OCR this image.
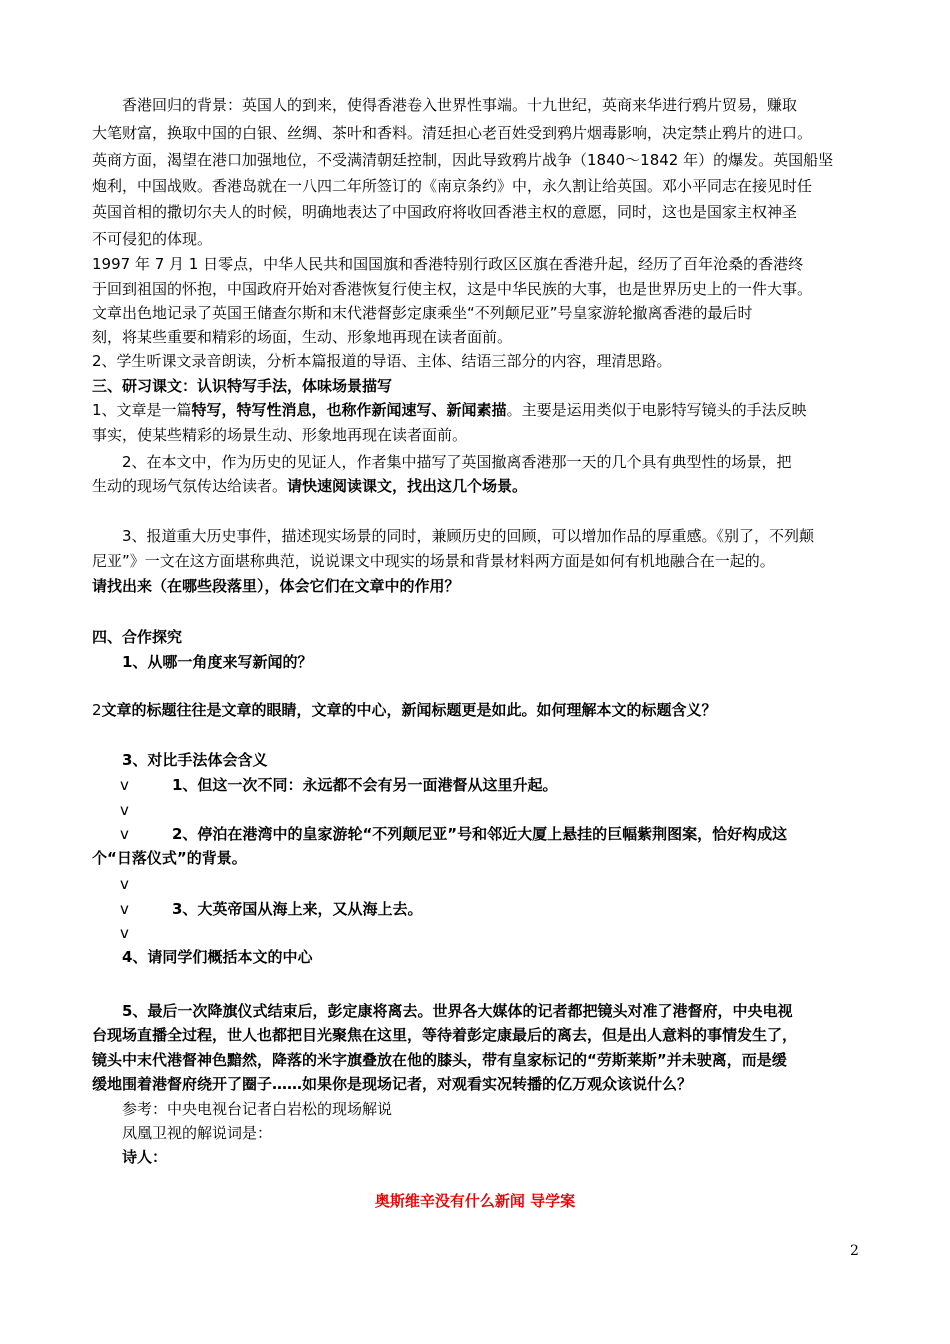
香港回归的背景：英国人的到来，使得香港卷入世界性事端。十九世纪，英商来华进行鸦片贸易，赚取
大笔财富，换取中国的白银、丝绸、茶叶和香料。清廷担心老百姓受到鸦片烟毒影响，决定禁止鸦片的进口。
英商方面，渴望在港口加强地位，不受满清朝廷控制，因此导致鸦片战争（1840～1842 年）的爆发。英国船坚
炮利，中国战败。香港岛就在一八四二年所签订的《南京条约》中，永久割让给英国。邓小平同志在接见时任
英国首相的撒切尔夫人的时候，明确地表达了中国政府将收回香港主权的意愿，同时，这也是国家主权神圣
不可侵犯的体现。
1997 年 7 月 1 日零点，中华人民共和国国旗和香港特别行政区区旗在香港升起，经历了百年沧桑的香港终
于回到祖国的怀抱，中国政府开始对香港恢复行使主权，这是中华民族的大事，也是世界历史上的一件大事。
文章出色地记录了英国王储查尔斯和末代港督彭定康乘坐“不列颠尼亚”号皇家游轮撤离香港的最后时
刻，将某些重要和精彩的场面，生动、形象地再现在读者面前。
2、学生听课文录音朗读，分析本篇报道的导语、主体、结语三部分的内容，理清思路。
三、研习课文：认识特写手法，体味场景描写
1、文章是一篇特写，特写性消息，也称作新闻速写、新闻素描。主要是运用类似于电影特写镜头的手法反映
事实，使某些精彩的场景生动、形象地再现在读者面前。
2、在本文中，作为历史的见证人，作者集中描写了英国撤离香港那一天的几个具有典型性的场景，把
生动的现场气氛传达给读者。请快速阅读课文，找出这几个场景。
3、报道重大历史事件，描述现实场景的同时，兼顾历史的回顾，可以增加作品的厚重感。《别了，不列颠
尼亚”》一文在这方面堪称典范，说说课文中现实的场景和背景材料两方面是如何有机地融合在一起的。
请找出来（在哪些段落里），体会它们在文章中的作用？
四、合作探究
1、从哪一角度来写新闻的？
2文章的标题往往是文章的眼睛，文章的中心，新闻标题更是如此。如何理解本文的标题含义？
3、对比手法体会含义
v	1、但这一次不同：永远都不会有另一面港督从这里升起。
v
v	2、停泊在港湾中的皇家游轮“不列颠尼亚”号和邻近大厦上悬挂的巨幅紫荆图案，恰好构成这
个“日落仪式”的背景。
v
v	3、大英帝国从海上来，又从海上去。
v
4、请同学们概括本文的中心
5、最后一次降旗仪式结束后，彭定康将离去。世界各大媒体的记者都把镜头对准了港督府，中央电视
台现场直播全过程，世人也都把目光聚焦在这里，等待着彭定康最后的离去，但是出人意料的事情发生了，
镜头中末代港督神色黯然，降落的米字旗叠放在他的膝头，带有皇家标记的“劳斯莱斯”并未驶离，而是缓
缓地围着港督府绕开了圈子……如果你是现场记者，对观看实况转播的亿万观众该说什么？
参考：中央电视台记者白岩松的现场解说
凤凰卫视的解说词是：
诗人：
奥斯维辛没有什么新闻 导学案
2
